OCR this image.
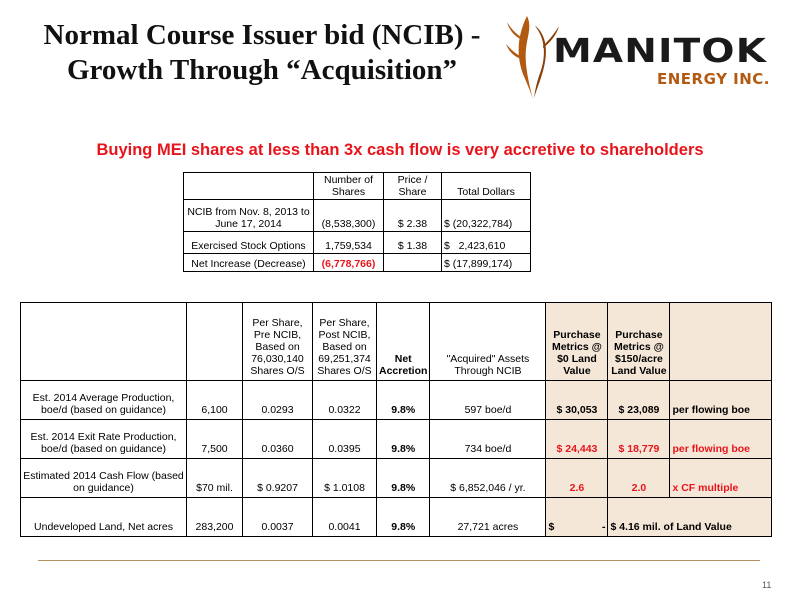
Normal Course Issuer bid (NCIB) -
Growth Through “Acquisition”	MANITOK
ENERGY INC.
Buying MEI shares at less than 3x cash flow is very accretive to shareholders
	Number of Shares	Price / Share	Total Dollars
NCIB from Nov. 8, 2013 to June 17, 2014	(8,538,300)	$ 2.38	$ (20,322,784)
Exercised Stock Options	1,759,534	$ 1.38	$   2,423,610
Net Increase (Decrease)	(6,778,766)		$ (17,899,174)
		Per Share, Pre NCIB, Based on 76,030,140 Shares O/S	Per Share, Post NCIB, Based on 69,251,374 Shares O/S	Net Accretion	"Acquired" Assets Through NCIB	Purchase Metrics @ $0 Land Value	Purchase Metrics @ $150/acre Land Value	
Est. 2014 Average Production, boe/d (based on guidance)	6,100	0.0293	0.0322	9.8%	597 boe/d	$ 30,053	$ 23,089	per flowing boe
Est. 2014 Exit Rate Production, boe/d (based on guidance)	7,500	0.0360	0.0395	9.8%	734 boe/d	$ 24,443	$ 18,779	per flowing boe
Estimated 2014 Cash Flow (based on guidance)	$70 mil.	$ 0.9207	$ 1.0108	9.8%	$ 6,852,046 / yr.	2.6	2.0	x CF multiple
Undeveloped Land, Net acres	283,200	0.0037	0.0041	9.8%	27,721 acres	$ -	$ 4.16 mil. of Land Value	
11
